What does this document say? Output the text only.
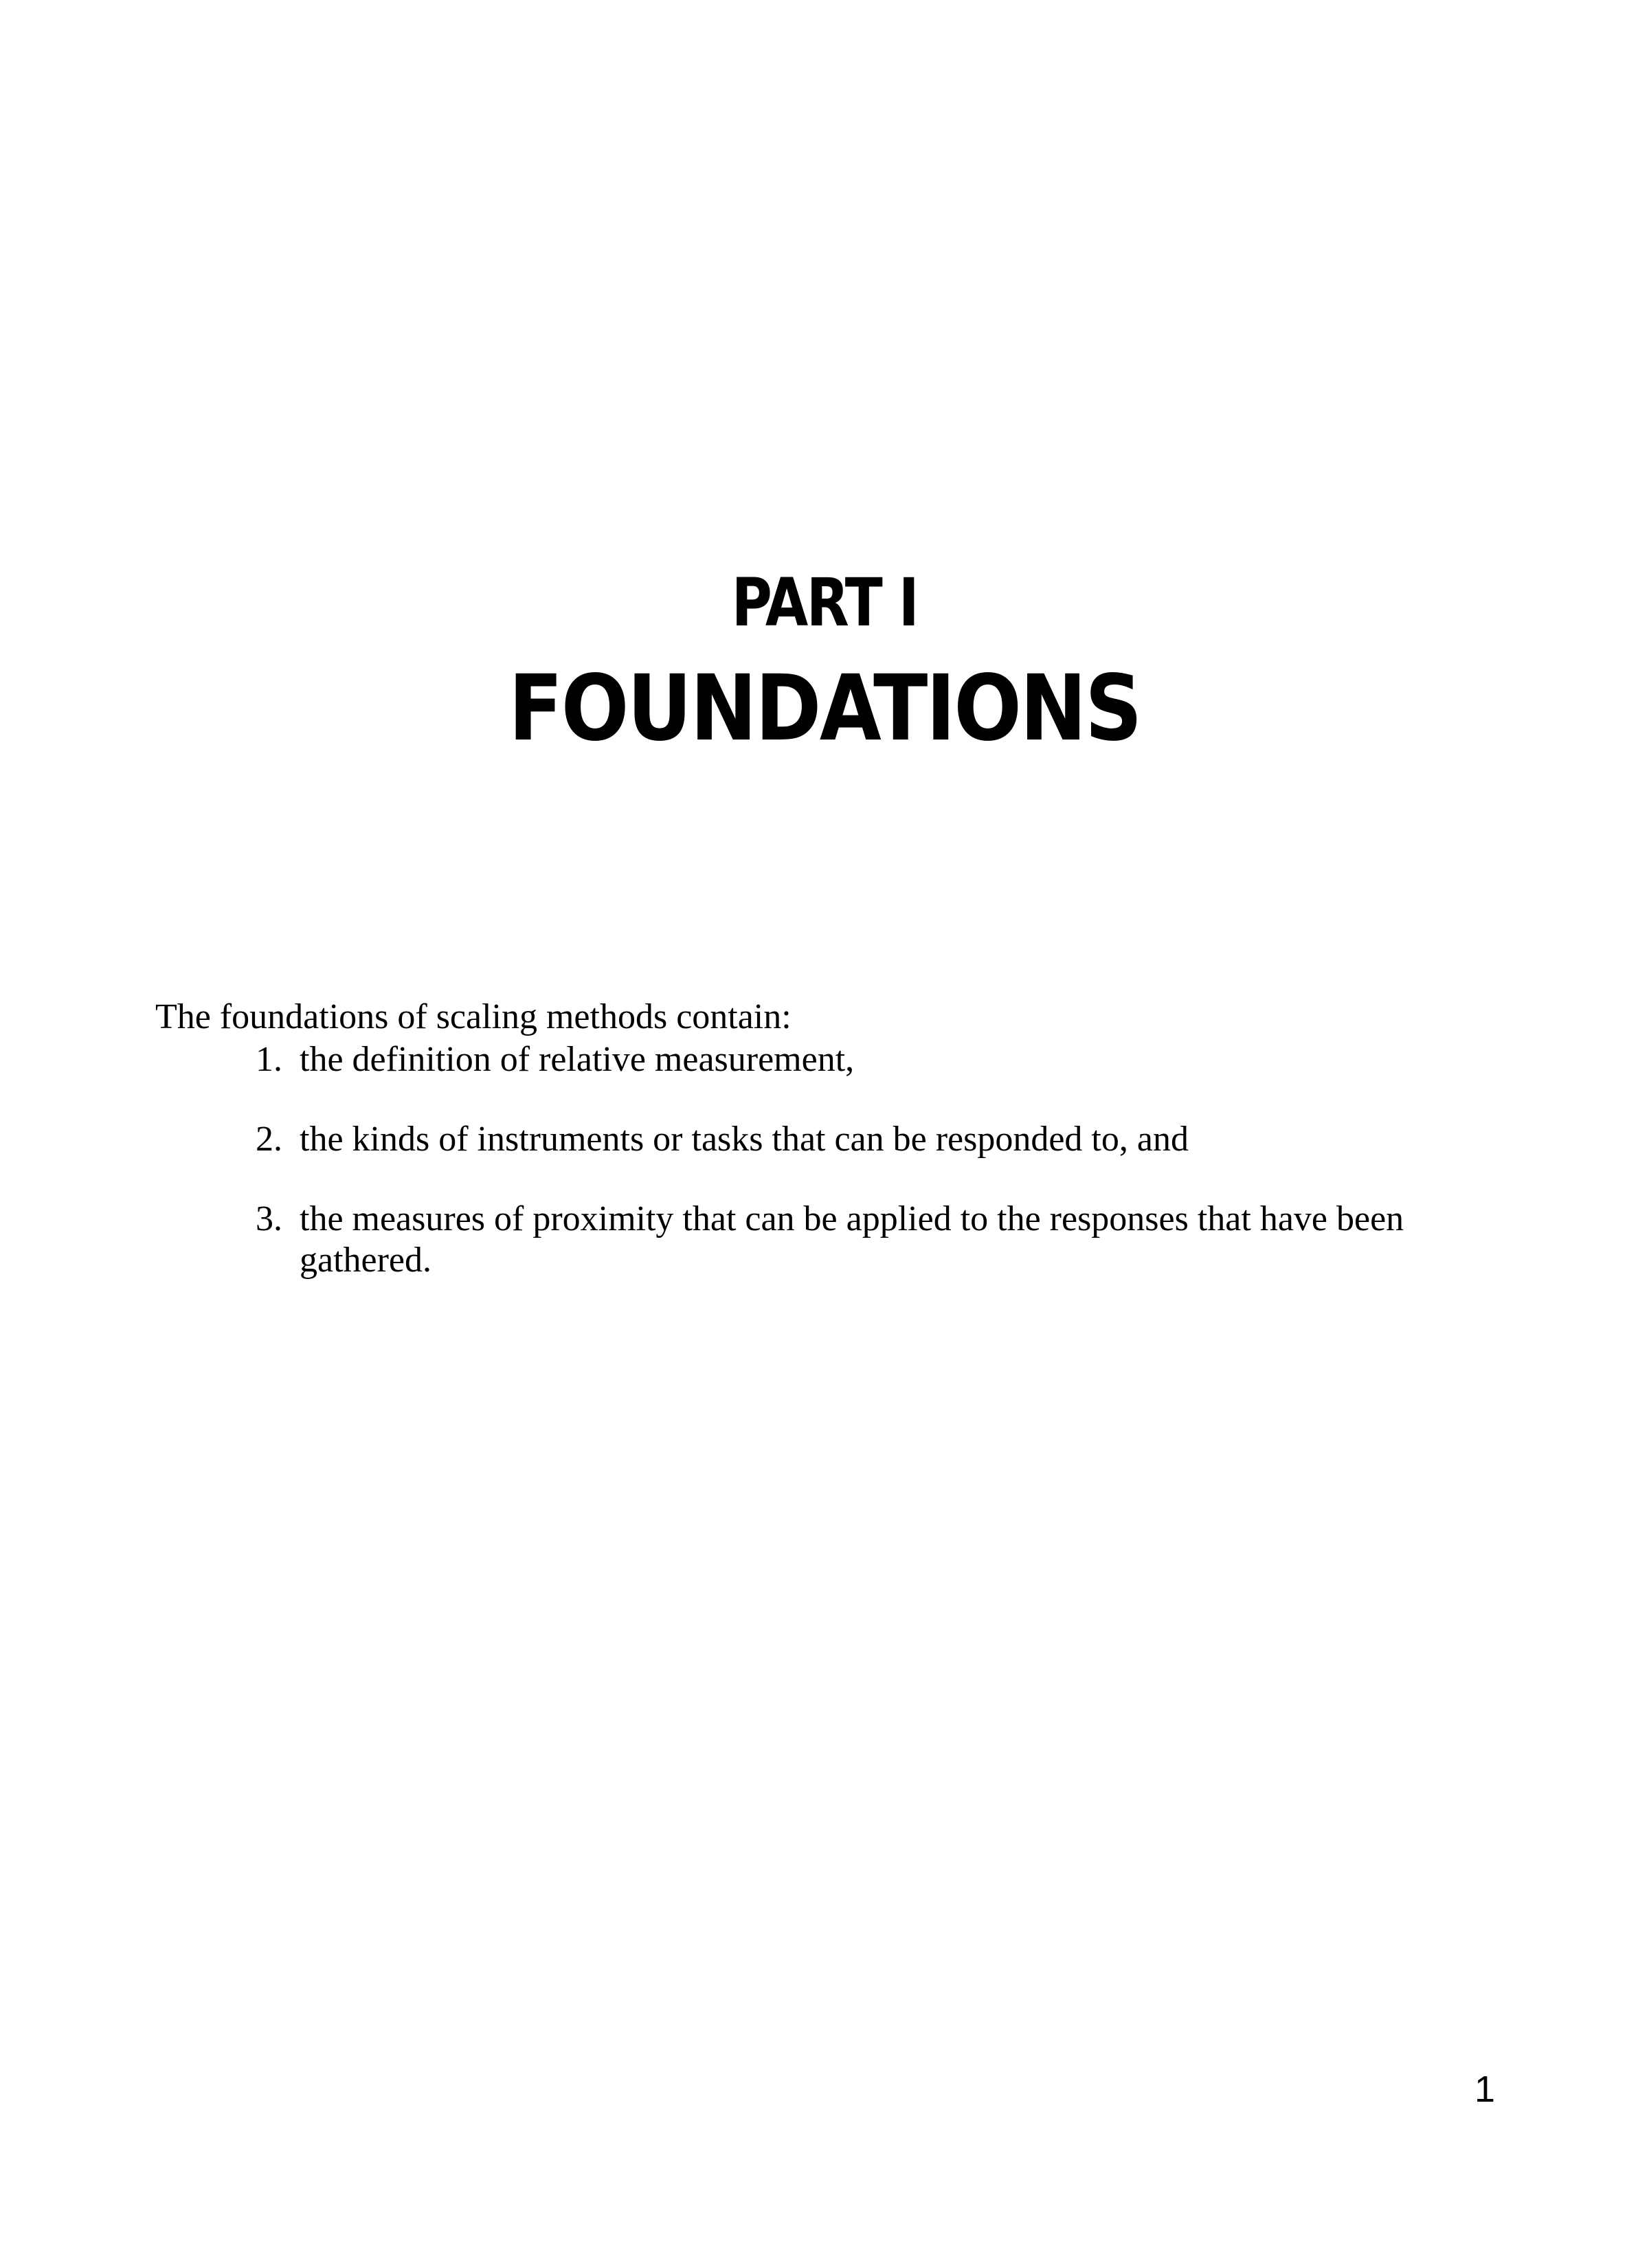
PART I
FOUNDATIONS

The foundations of scaling methods contain:

1. the definition of relative measurement,
2. the kinds of instruments or tasks that can be responded to, and
3. the measures of proximity that can be applied to the responses that have been gathered.
1
